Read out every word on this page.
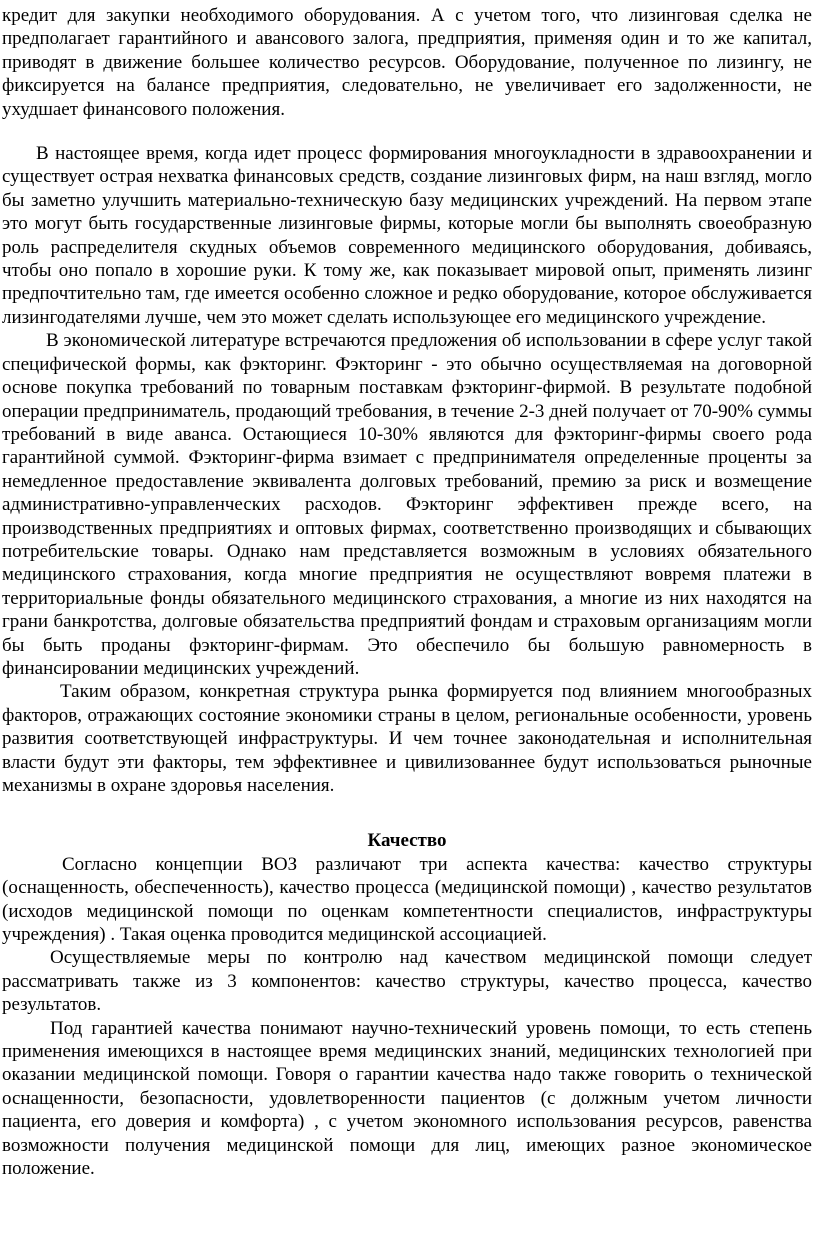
кредит для закупки необходимого оборудования. А с учетом того, что лизинговая сделка не предполагает гарантийного и авансового залога, предприятия, применяя один и то же капитал, приводят в движение большее количество ресурсов. Оборудование, полученное по лизингу, не фиксируется на балансе предприятия, следовательно, не увеличивает его задолженности, не ухудшает финансового положения.

В настоящее время, когда идет процесс формирования многоукладности в здравоохранении и существует острая нехватка финансовых средств, создание лизинговых фирм, на наш взгляд, могло бы заметно улучшить материально-техническую базу медицинских учреждений. На первом этапе это могут быть государственные лизинговые фирмы, которые могли бы выполнять своеобразную роль распределителя скудных объемов современного медицинского оборудования, добиваясь, чтобы оно попало в хорошие руки. К тому же, как показывает мировой опыт, применять лизинг предпочтительно там, где имеется особенно сложное и редко оборудование, которое обслуживается лизингодателями лучше, чем это может сделать использующее его медицинского учреждение.

В экономической литературе встречаются предложения об использовании в сфере услуг такой специфической формы, как фэкторинг. Фэкторинг - это обычно осуществляемая на договорной основе покупка требований по товарным поставкам фэкторинг-фирмой. В результате подобной операции предприниматель, продающий требования, в течение 2-3 дней получает от 70-90% суммы требований в виде аванса. Остающиеся 10-30% являются для фэкторинг-фирмы своего рода гарантийной суммой. Фэкторинг-фирма взимает с предпринимателя определенные проценты за немедленное предоставление эквивалента долговых требований, премию за риск и возмещение административно-управленческих расходов. Фэкторинг эффективен прежде всего, на производственных предприятиях и оптовых фирмах, соответственно производящих и сбывающих потребительские товары. Однако нам представляется возможным в условиях обязательного медицинского страхования, когда многие предприятия не осуществляют вовремя платежи в территориальные фонды обязательного медицинского страхования, а многие из них находятся на грани банкротства, долговые обязательства предприятий фондам и страховым организациям могли бы быть проданы фэкторинг-фирмам. Это обеспечило бы большую равномерность в финансировании медицинских учреждений.

Таким образом, конкретная структура рынка формируется под влиянием многообразных факторов, отражающих состояние экономики страны в целом, региональные особенности, уровень развития соответствующей инфраструктуры. И чем точнее законодательная и исполнительная власти будут эти факторы, тем эффективнее и цивилизованнее будут использоваться рыночные механизмы в охране здоровья населения.

Качество

Согласно концепции ВОЗ различают три аспекта качества: качество структуры (оснащенность, обеспеченность), качество процесса (медицинской помощи) , качество результатов (исходов медицинской помощи по оценкам компетентности специалистов, инфраструктуры учреждения) . Такая оценка проводится медицинской ассоциацией.

Осуществляемые меры по контролю над качеством медицинской помощи следует рассматривать также из 3 компонентов: качество структуры, качество процесса, качество результатов.

Под гарантией качества понимают научно-технический уровень помощи, то есть степень применения имеющихся в настоящее время медицинских знаний, медицинских технологией при оказании медицинской помощи. Говоря о гарантии качества надо также говорить о технической оснащенности, безопасности, удовлетворенности пациентов (с должным учетом личности пациента, его доверия и комфорта) , с учетом экономного использования ресурсов, равенства возможности получения медицинской помощи для лиц, имеющих разное экономическое положение.
